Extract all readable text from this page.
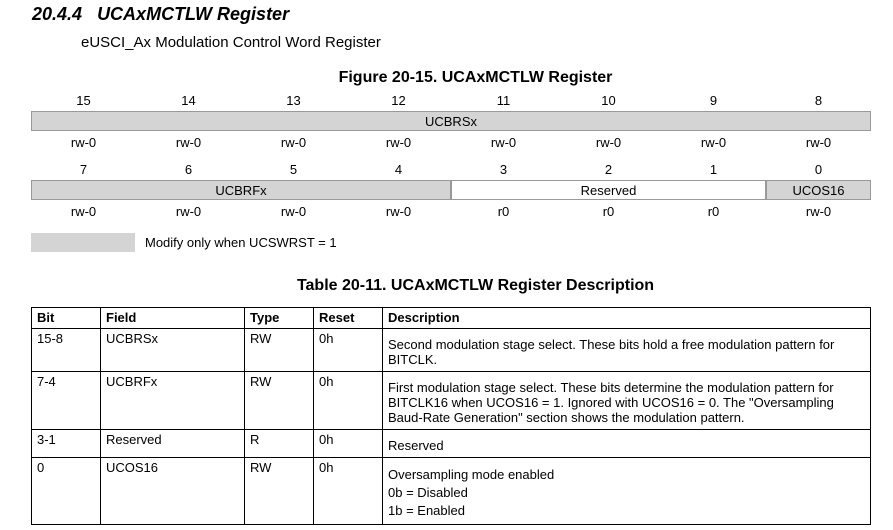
20.4.4 UCAxMCTLW Register
eUSCI_Ax Modulation Control Word Register
Figure 20-15. UCAxMCTLW Register
15	14	13	12	11	10	9	8
UCBRSx
rw-0	rw-0	rw-0	rw-0	rw-0	rw-0	rw-0	rw-0
7	6	5	4	3	2	1	0
UCBRFx	Reserved	UCOS16
rw-0	rw-0	rw-0	rw-0	r0	r0	r0	rw-0
Modify only when UCSWRST = 1
Table 20-11. UCAxMCTLW Register Description
Bit	Field	Type	Reset	Description
15-8	UCBRSx	RW	0h	Second modulation stage select. These bits hold a free modulation pattern for
BITCLK.

7-4	UCBRFx	RW	0h	First modulation stage select. These bits determine the modulation pattern for
BITCLK16 when UCOS16 = 1. Ignored with UCOS16 = 0. The "Oversampling
Baud-Rate Generation" section shows the modulation pattern.

3-1	Reserved	R	0h	Reserved

0	UCOS16	RW	0h	Oversampling mode enabled
0b = Disabled
1b = Enabled
